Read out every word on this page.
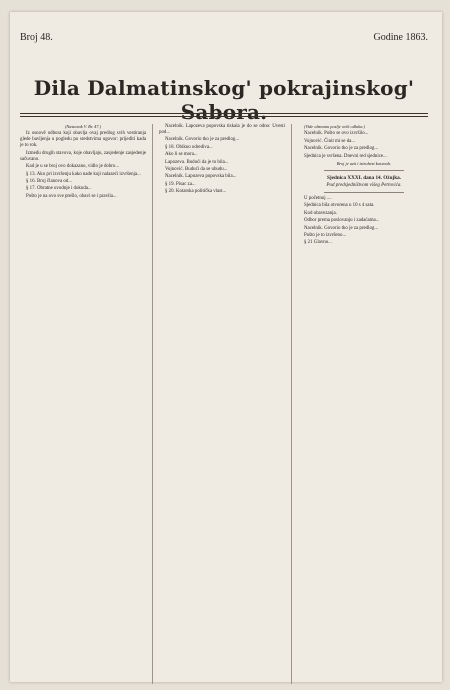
Broj 48.	Godine 1863.
Dila Dalmatinskog' pokrajinskog' Sabora.

(Nastavak V. Br. 47.)

Iz osnově odbora koji obavlja ovaj predlog svih vestiranja glede bavljenja u pogledu po sredstvima ugovor: prijediti kada je to rok.

Između drugih stavova, koje obavljaju, zasjedenje zasjedenje sačuvano.

Kad je u se broj ovo dokazano, vidlo je dobro...

§ 13. Ako pri izvršenju kako nade koji nalazeći izvršenja...

§ 16. Broj članova od...

§ 17. Obratne uvodnje i dokuda...

Pošto je na ovo sve prešlo, obavi se i pravila...

Nacelnik. Lapozeva popovska tiskala je do se odno: Uvesti pod...

Nacelnik. Govorio tko je za predlog...

§ 18. Obikno odrediva...

Ako li se mora...

Lapozeva. Budući da je to bila...

Vojnović. Budući da se ubudu...

Nacelnik. Lapozeva popovska bila...

§ 19. Pisac za...

§ 20. Kotarska politička vlast...

(Vide obznanu poslje ovih odluka.)

Nacelnik. Pošto se ovo izvršilo...

Vojnović. Činit mi se da...

Nacelnik. Govorio tko je za predlog...

Sjednica je svršena. Dnevni red sjednice...

Broj je uzit i iztrubezi kasvaoh.

Sjednica XXXI. dana 14. Ožujka.
Pod predsjedništvom višeg Petrovića.

U početnoj ....

Sjednica bila otvorena u 10 s 4 sata.

Kod obavezanja.

Odbor prema poslovanju i zadaćama...

Nacelnik. Govorio tko je za predlog...

Pošto je to izvršeno...

§ 21 Glavno...
